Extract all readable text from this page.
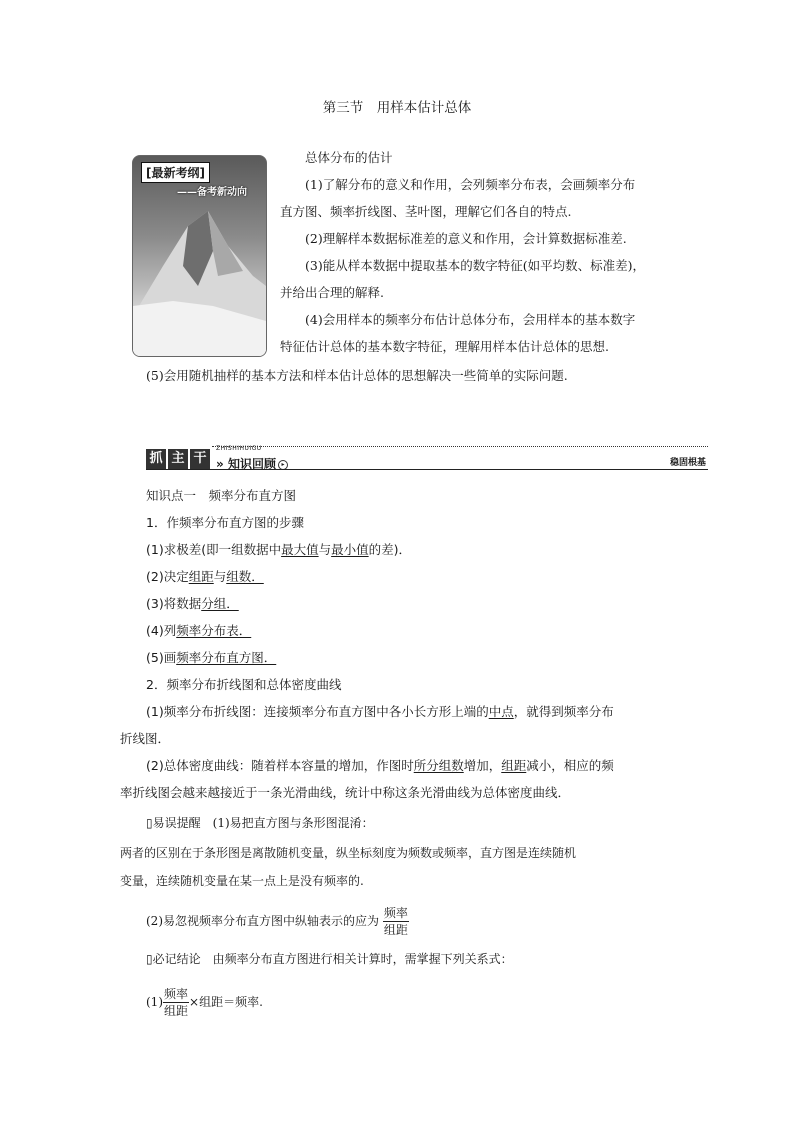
第三节　用样本估计总体
[最新考纲]
——备考新动向
总体分布的估计
(1)了解分布的意义和作用，会列频率分布表，会画频率分布
直方图、频率折线图、茎叶图，理解它们各自的特点.
(2)理解样本数据标准差的意义和作用，会计算数据标准差.
(3)能从样本数据中提取基本的数字特征(如平均数、标准差)，
并给出合理的解释.
(4)会用样本的频率分布估计总体分布，会用样本的基本数字
特征估计总体的基本数字特征，理解用样本估计总体的思想.
(5)会用随机抽样的基本方法和样本估计总体的思想解决一些简单的实际问题.
ZHISHIHUIGU
抓 主 干 » 知识回顾 ▸	稳固根基
知识点一　频率分布直方图
1．作频率分布直方图的步骤
(1)求极差(即一组数据中最大值与最小值的差)．
(2)决定组距与组数．
(3)将数据分组．
(4)列频率分布表．
(5)画频率分布直方图．
2．频率分布折线图和总体密度曲线
(1)频率分布折线图：连接频率分布直方图中各小长方形上端的中点，就得到频率分布
折线图．
(2)总体密度曲线：随着样本容量的增加，作图时所分组数增加，组距减小，相应的频
率折线图会越来越接近于一条光滑曲线，统计中称这条光滑曲线为总体密度曲线．
▯易误提醒　 (1)易把直方图与条形图混淆：
两者的区别在于条形图是离散随机变量，纵坐标刻度为频数或频率，直方图是连续随机
变量，连续随机变量在某一点上是没有频率的.
(2)易忽视频率分布直方图中纵轴表示的应为 $\frac{\text{频率}}{\text{组距}}$
▯必记结论　 由频率分布直方图进行相关计算时，需掌握下列关系式：
$(1) \frac{\text{频率}}{\text{组距}}$ ×组距＝频率.
